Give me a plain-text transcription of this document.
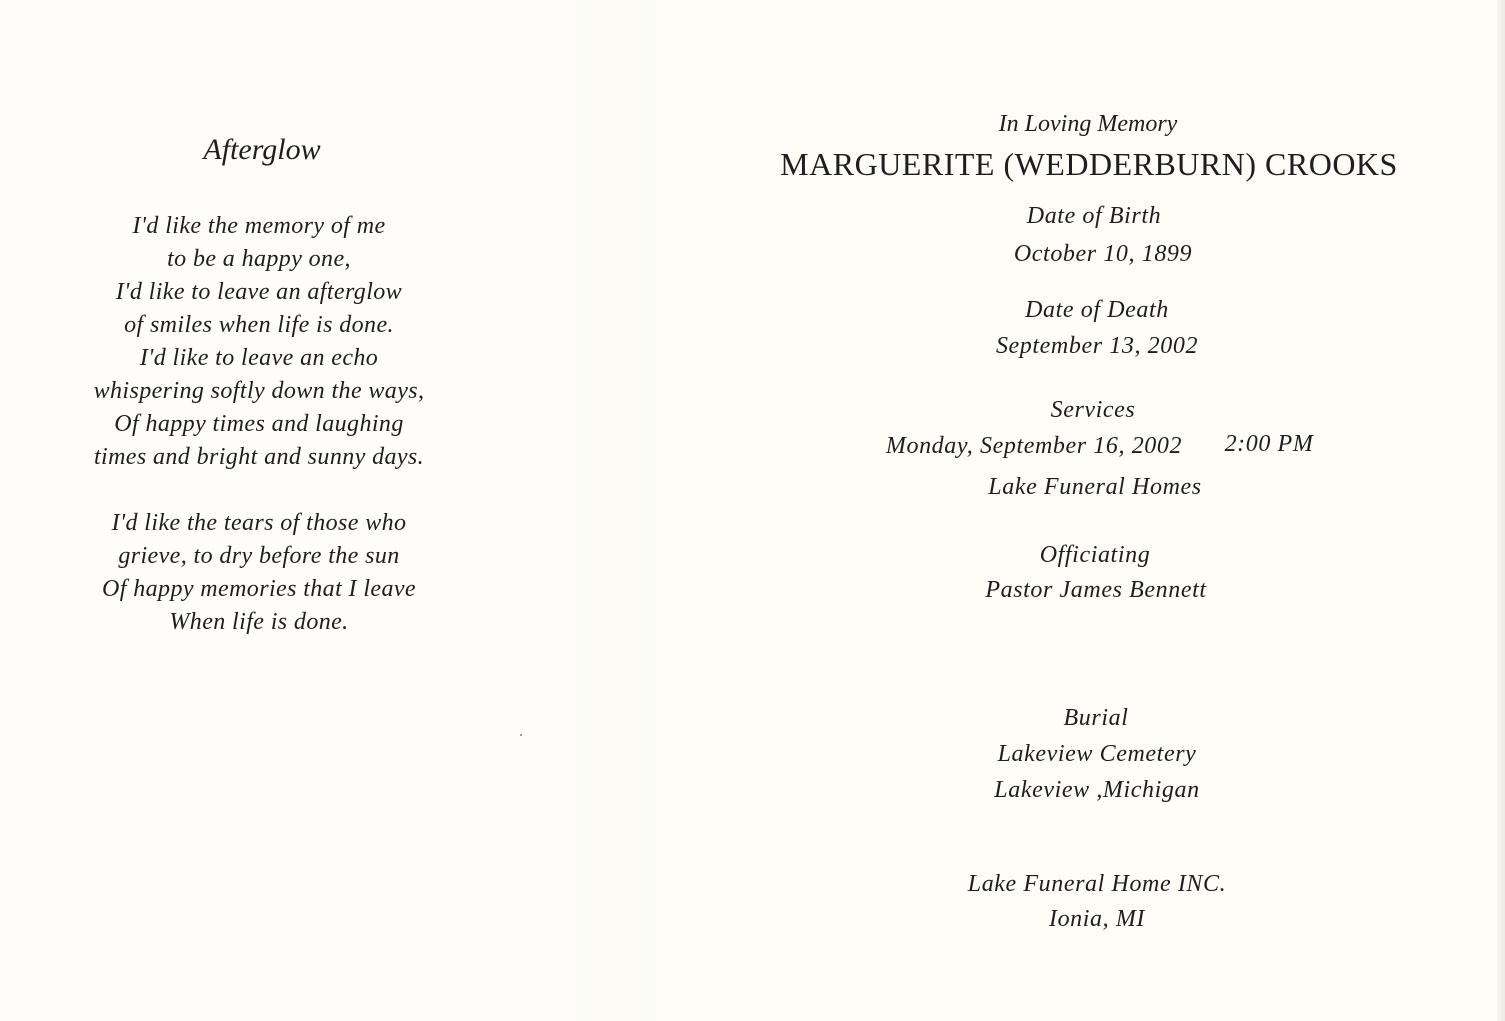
Afterglow
I'd like the memory of me
to be a happy one,
I'd like to leave an afterglow
of smiles when life is done.
I'd like to leave an echo
whispering softly down the ways,
Of happy times and laughing
times and bright and sunny days.
I'd like the tears of those who
grieve, to dry before the sun
Of happy memories that I leave
When life is done.
In Loving Memory
MARGUERITE (WEDDERBURN) CROOKS
Date of Birth
October 10, 1899
Date of Death
September 13, 2002
Services
Monday, September 16, 2002 2:00 PM
Lake Funeral Homes
Officiating
Pastor James Bennett
Burial
Lakeview Cemetery
Lakeview ,Michigan
Lake Funeral Home INC.
Ionia, MI
